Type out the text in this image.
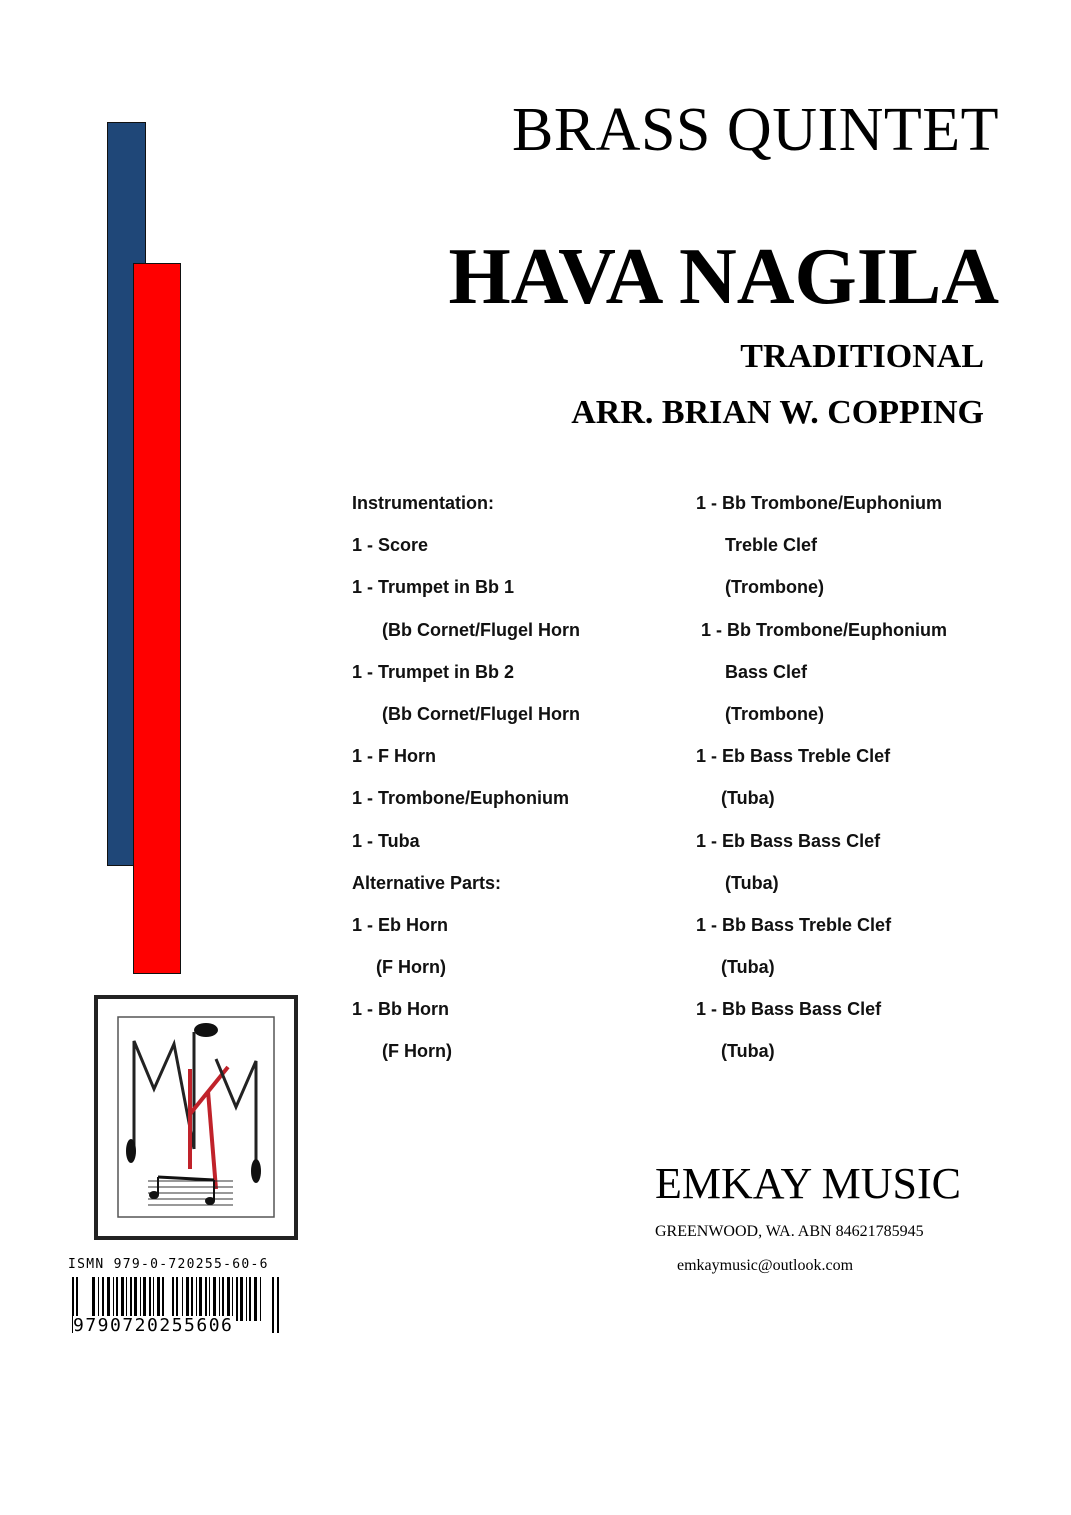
BRASS QUINTET
HAVA NAGILA
TRADITIONAL
ARR. BRIAN W. COPPING
Instrumentation:
1 - Score
1 - Trumpet in Bb 1
(Bb Cornet/Flugel Horn
1 - Trumpet in Bb 2
(Bb Cornet/Flugel Horn
1 - F Horn
1 - Trombone/Euphonium
1 - Tuba
Alternative Parts:
1 - Eb Horn
(F Horn)
1 - Bb Horn
(F Horn)
1 - Bb Trombone/Euphonium
Treble Clef
(Trombone)
1 - Bb Trombone/Euphonium
Bass Clef
(Trombone)
1 - Eb Bass Treble Clef
(Tuba)
1 - Eb Bass Bass Clef
(Tuba)
1 - Bb Bass Treble Clef
(Tuba)
1 - Bb Bass Bass Clef
(Tuba)
ISMN 979-0-720255-60-6
9790720255606
EMKAY MUSIC
GREENWOOD, WA. ABN 84621785945
emkaymusic@outlook.com
